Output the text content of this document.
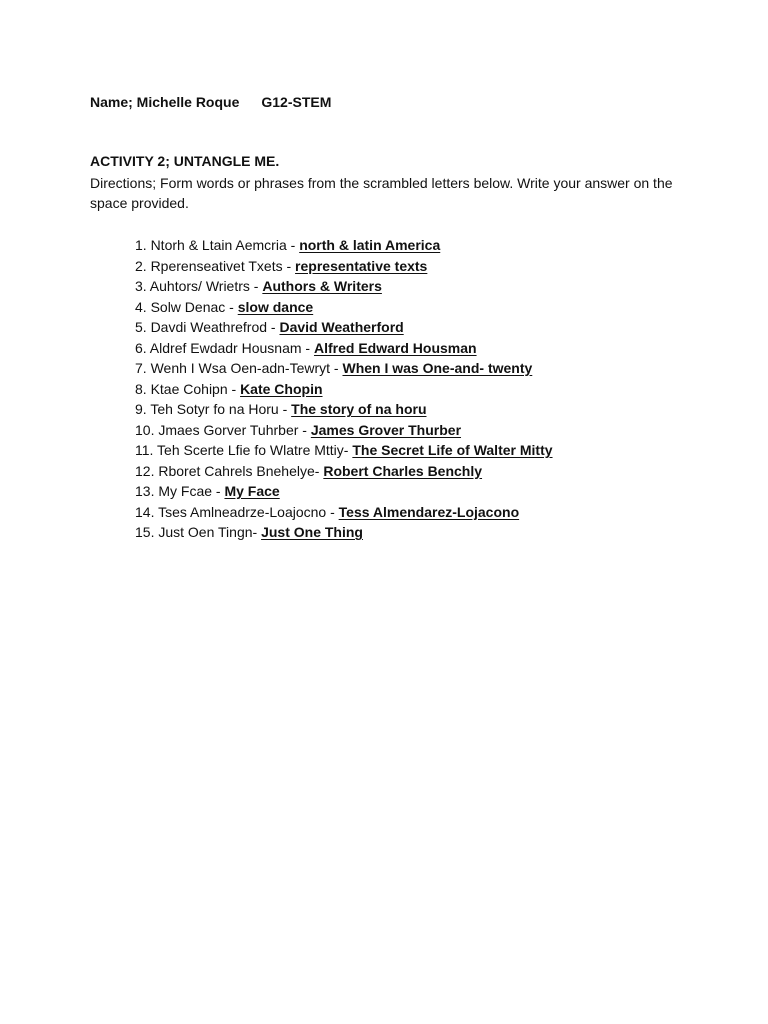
Name; Michelle Roque G12-STEM
ACTIVITY 2; UNTANGLE ME.
Directions; Form words or phrases from the scrambled letters below. Write your answer on the space provided.
1. Ntorh & Ltain Aemcria - north & latin America
2. Rperenseativet Txets - representative texts
3. Auhtors/ Wrietrs - Authors & Writers
4. Solw Denac - slow dance
5. Davdi Weathrefrod - David Weatherford
6. Aldref Ewdadr Housnam - Alfred Edward Housman
7. Wenh I Wsa Oen-adn-Tewryt - When I was One-and- twenty
8. Ktae Cohipn - Kate Chopin
9. Teh Sotyr fo na Horu - The story of na horu
10. Jmaes Gorver Tuhrber - James Grover Thurber
11. Teh Scerte Lfie fo Wlatre Mttiy- The Secret Life of Walter Mitty
12. Rboret Cahrels Bnehelye- Robert Charles Benchly
13. My Fcae - My Face
14. Tses Amlneadrze-Loajocno - Tess Almendarez-Lojacono
15. Just Oen Tingn- Just One Thing
